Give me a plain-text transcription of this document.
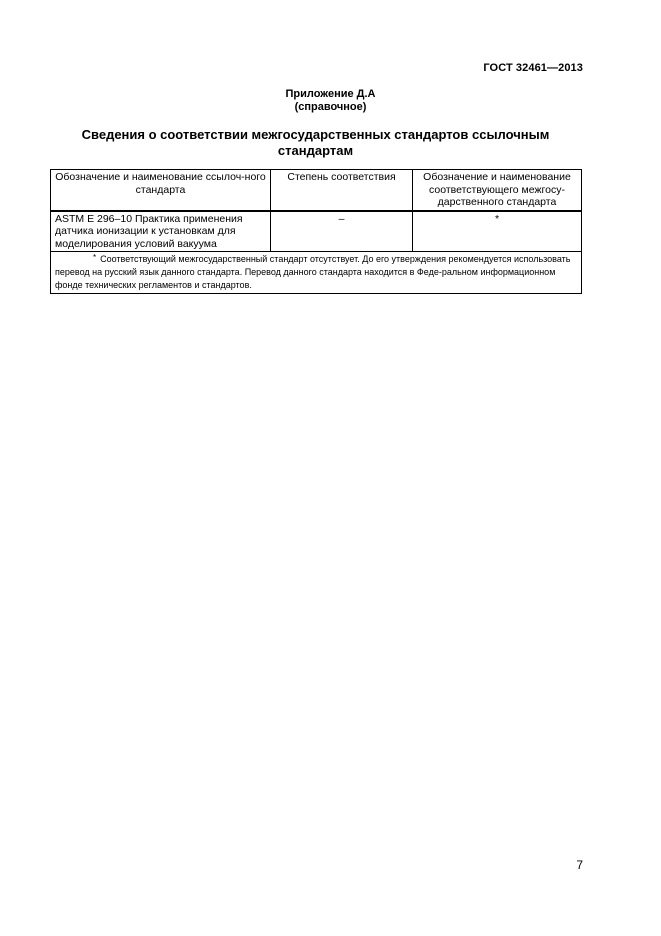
ГОСТ 32461—2013
Приложение Д.А
(справочное)
Сведения о соответствии межгосударственных стандартов ссылочным стандартам
Обозначение и наименование ссылоч-ного стандарта	Степень соответствия	Обозначение и наименование соответствующего межгосу-дарственного стандарта
ASTM E 296–10 Практика применения датчика ионизации к установкам для моделирования условий вакуума	–	*
* Соответствующий межгосударственный стандарт отсутствует. До его утверждения рекомендуется использовать перевод на русский язык данного стандарта. Перевод данного стандарта находится в Феде-ральном информационном фонде технических регламентов и стандартов.		
7
